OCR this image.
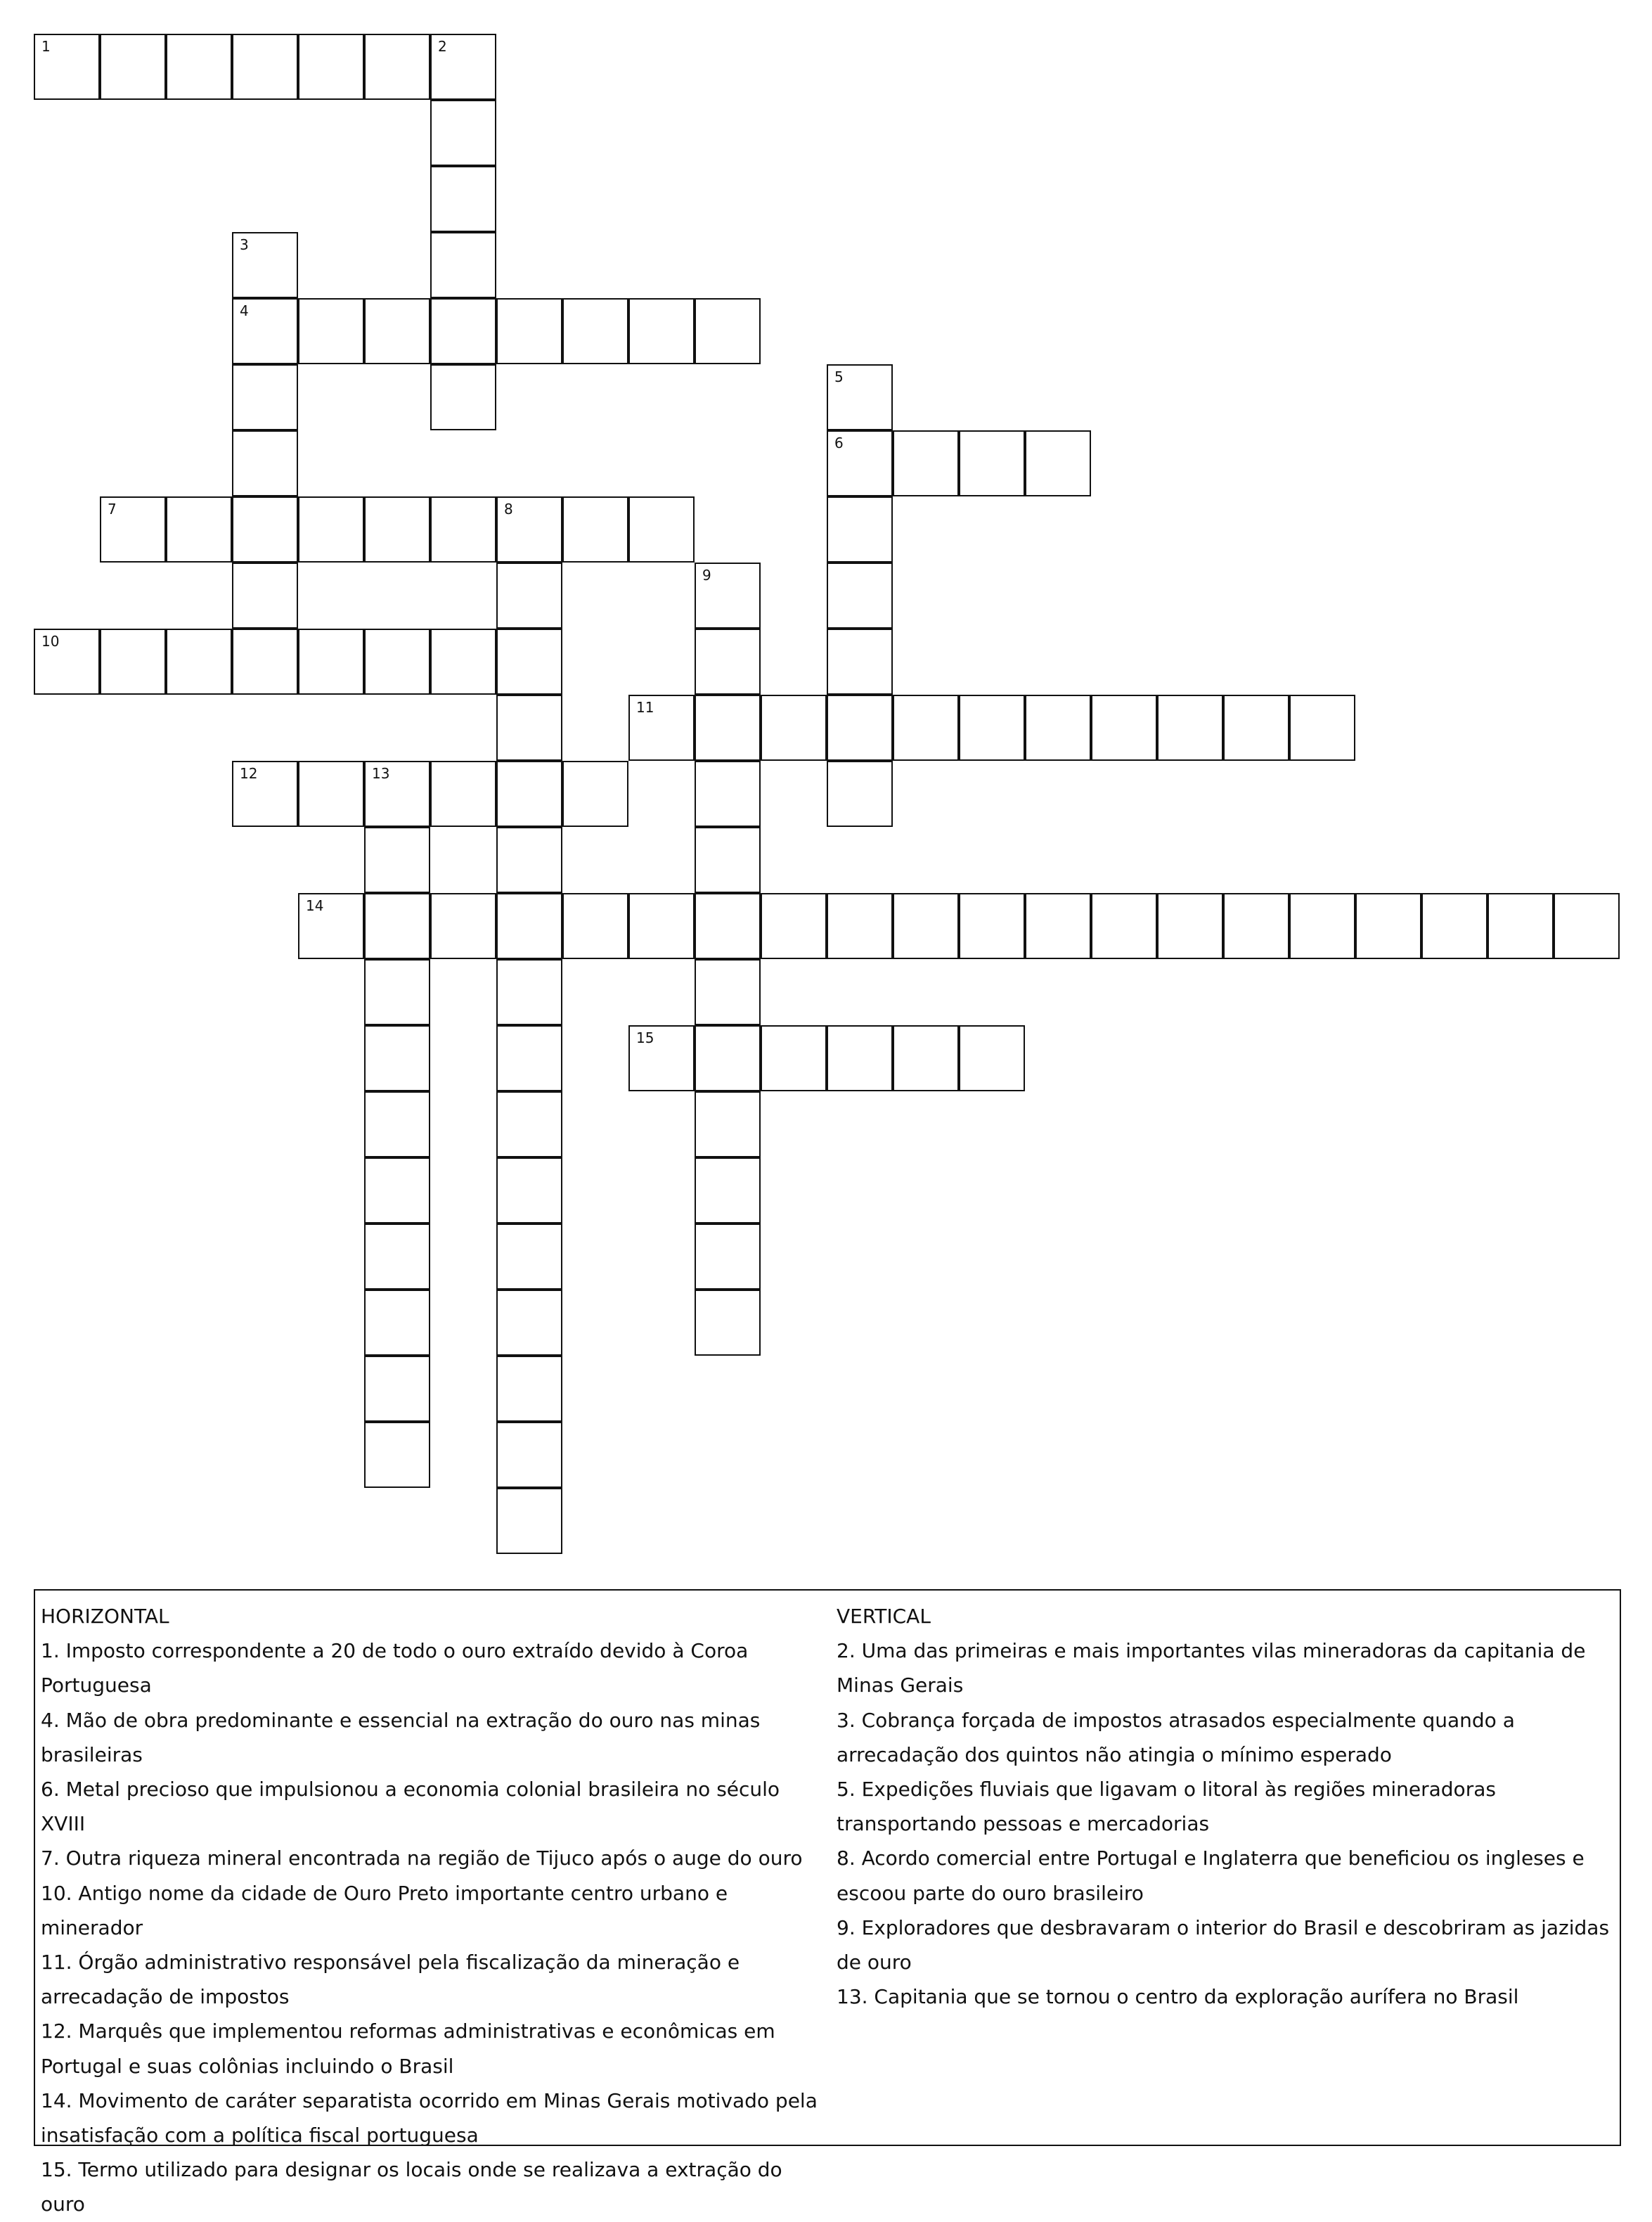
1	2
3
4
5
6
7	8
9
10
11
12	13
14
15

HORIZONTAL

1. Imposto correspondente a 20 de todo o ouro extraído devido à Coroa Portuguesa

4. Mão de obra predominante e essencial na extração do ouro nas minas brasileiras

6. Metal precioso que impulsionou a economia colonial brasileira no século XVIII

7. Outra riqueza mineral encontrada na região de Tijuco após o auge do ouro

10. Antigo nome da cidade de Ouro Preto importante centro urbano e minerador

11. Órgão administrativo responsável pela fiscalização da mineração e arrecadação de impostos

12. Marquês que implementou reformas administrativas e econômicas em Portugal e suas colônias incluindo o Brasil

14. Movimento de caráter separatista ocorrido em Minas Gerais motivado pela insatisfação com a política fiscal portuguesa

15. Termo utilizado para designar os locais onde se realizava a extração do ouro

VERTICAL

2. Uma das primeiras e mais importantes vilas mineradoras da capitania de Minas Gerais

3. Cobrança forçada de impostos atrasados especialmente quando a arrecadação dos quintos não atingia o mínimo esperado

5. Expedições fluviais que ligavam o litoral às regiões mineradoras transportando pessoas e mercadorias

8. Acordo comercial entre Portugal e Inglaterra que beneficiou os ingleses e escoou parte do ouro brasileiro

9. Exploradores que desbravaram o interior do Brasil e descobriram as jazidas de ouro

13. Capitania que se tornou o centro da exploração aurífera no Brasil
